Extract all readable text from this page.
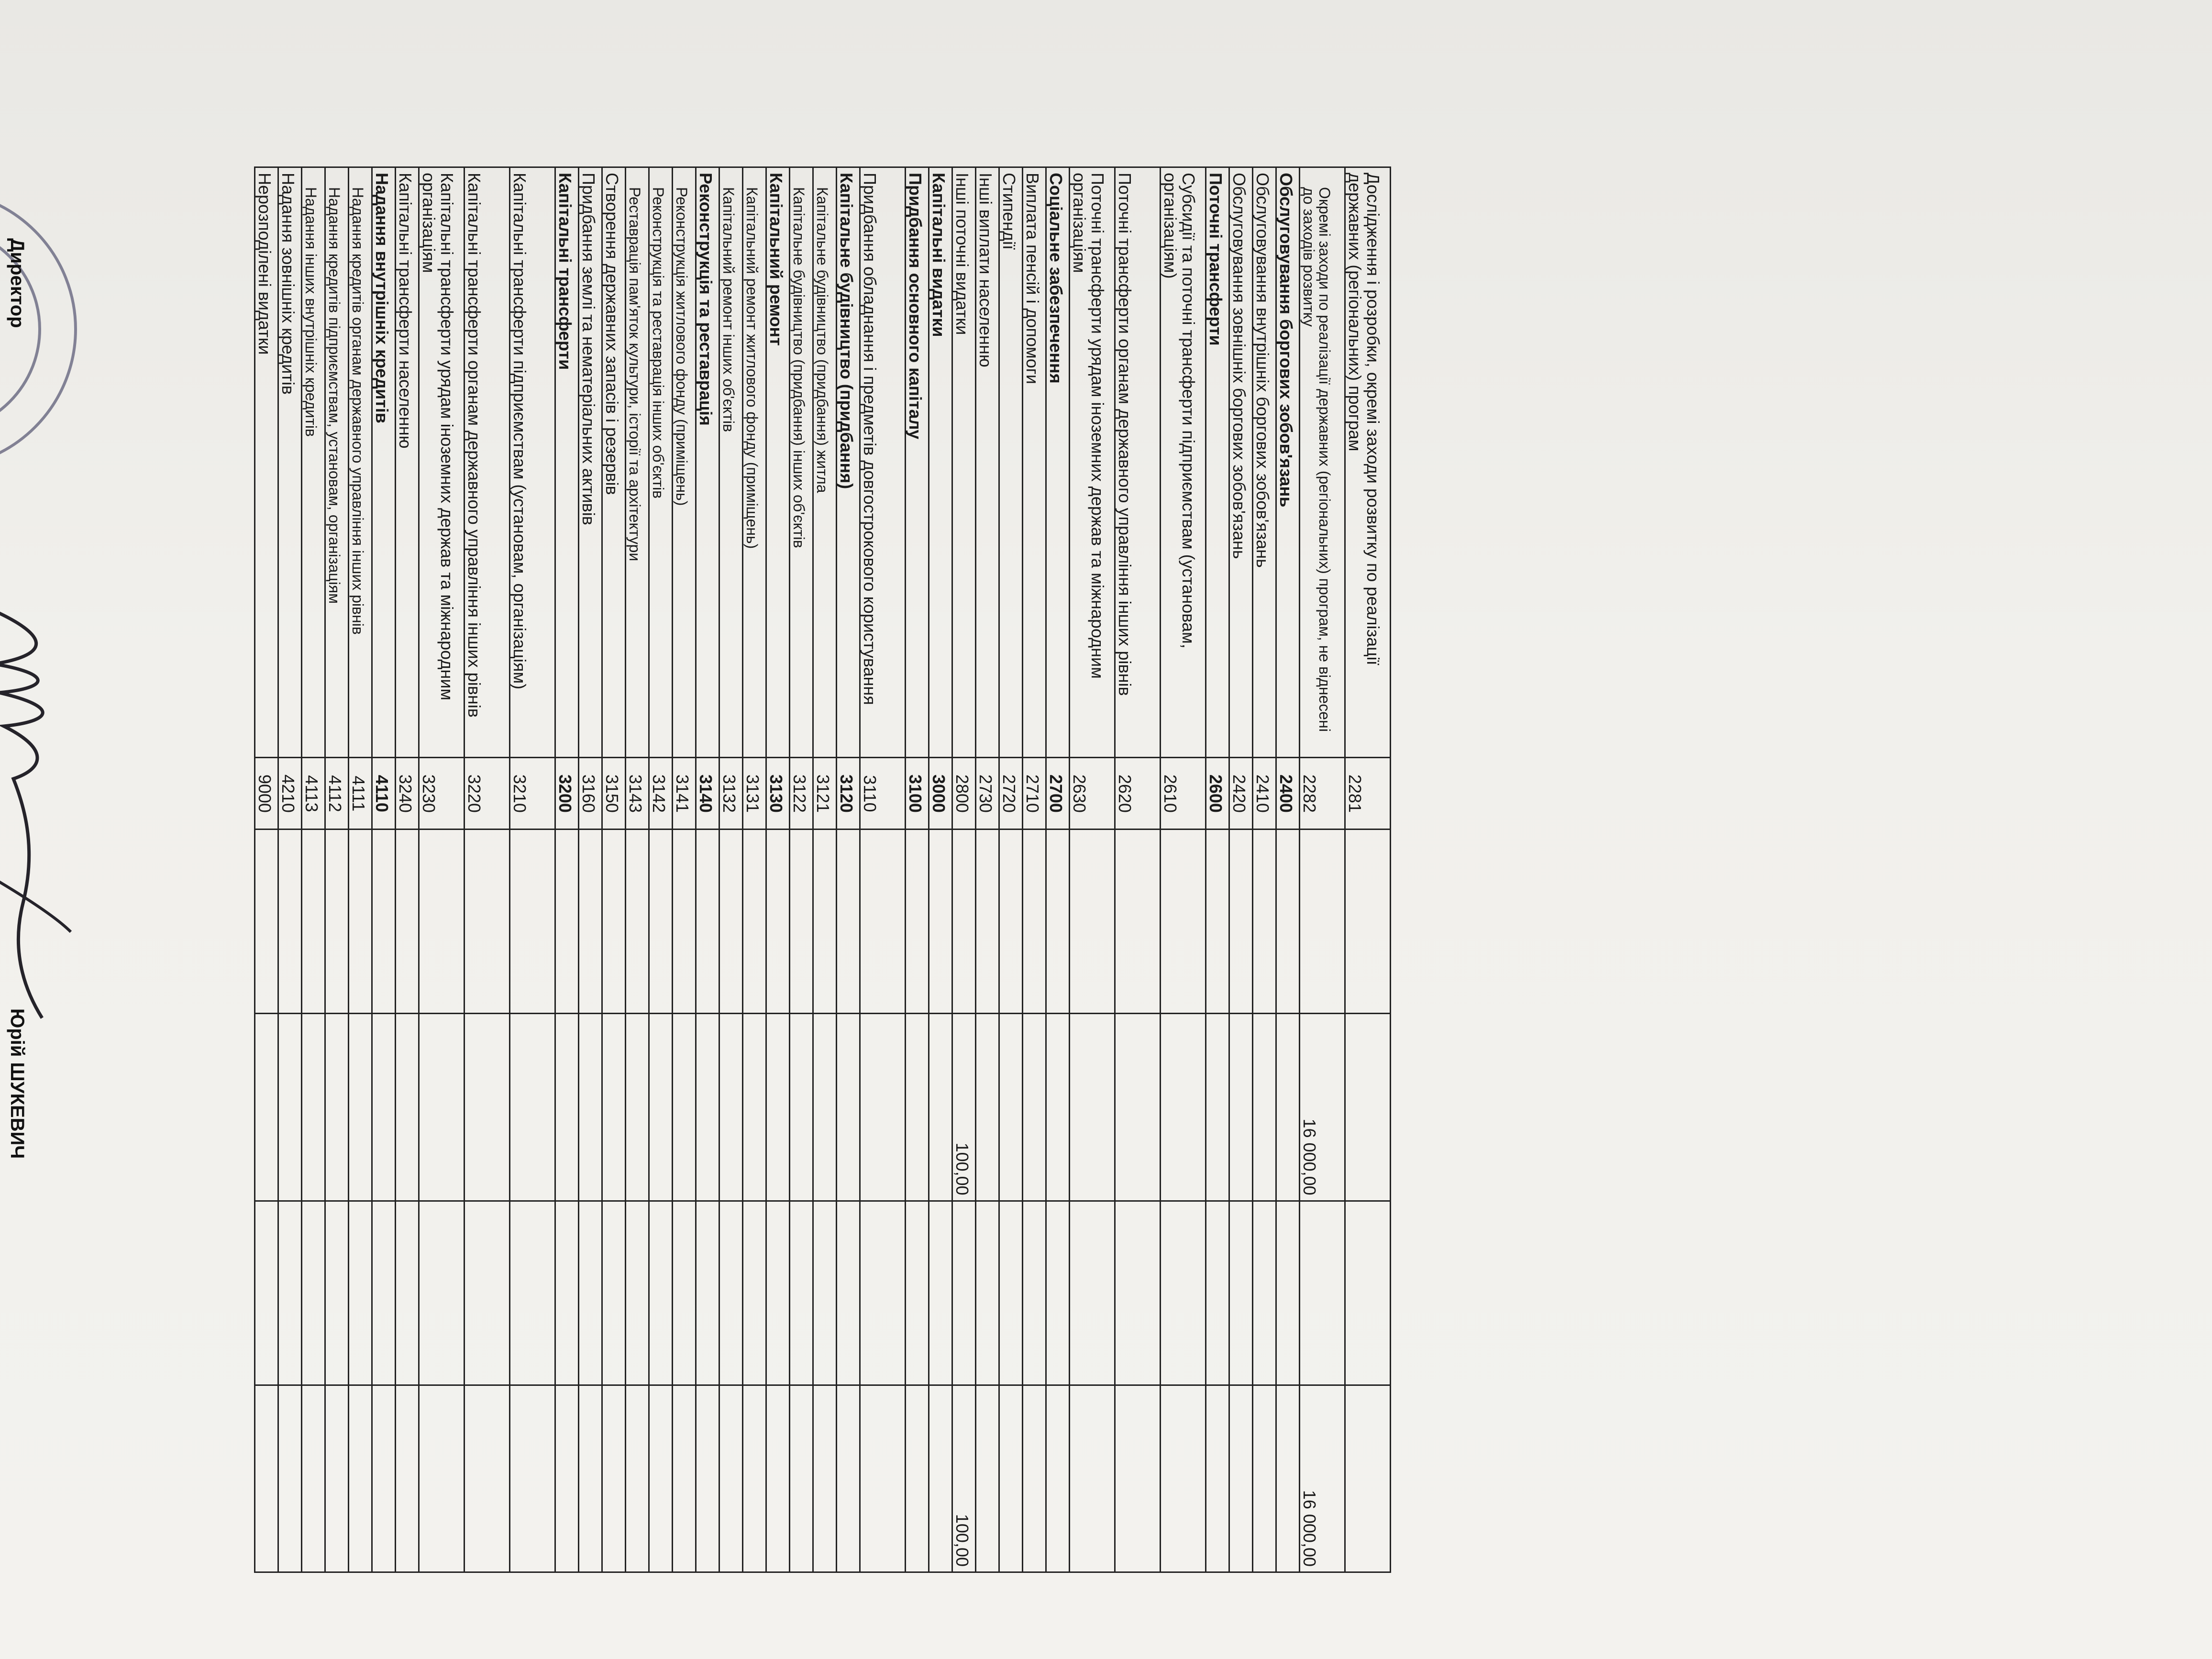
Дослідження і розробки, окремі заходи розвитку по реалізації державних (регіональних) програм	2281				
Окремі заходи по реалізації державних (регіональних) програм, не віднесені до заходів розвитку	2282		16 000,00		16 000,00
Обслуговування боргових зобов'язань	2400				
Обслуговування внутрішніх боргових зобов'язань	2410				
Обслуговування зовнішніх боргових зобов'язань	2420				
Поточні трансферти	2600				
Субсидії та поточні трансферти підприємствам (установам, організаціям)	2610				
Поточні трансферти органам державного управління інших рівнів	2620				
Поточні трансферти урядам іноземних держав та міжнародним організаціям	2630				
Соціальне забезпечення	2700				
Виплата пенсій і допомоги	2710				
Стипендії	2720				
Інші виплати населенню	2730				
Інші поточні видатки	2800		100,00		100,00
Капітальні видатки	3000				
Придбання основного капіталу	3100				
Придбання обладнання і предметів довгострокового користування	3110				
Капітальне будівництво (придбання)	3120				
Капітальне будівництво (придбання) житла	3121				
Капітальне будівництво (придбання) інших об'єктів	3122				
Капітальний ремонт	3130				
Капітальний ремонт житлового фонду (приміщень)	3131				
Капітальний ремонт інших об'єктів	3132				
Реконструкція та реставрація	3140				
Реконструкція житлового фонду (приміщень)	3141				
Реконструкція та реставрація інших об'єктів	3142				
Реставрація пам'яток культури, історії та архітектури	3143				
Створення державних запасів і резервів	3150				
Придбання землі та нематеріальних активів	3160				
Капітальні трансферти	3200				
Капітальні трансферти підприємствам (установам, організаціям)	3210				
Капітальні трансферти органам державного управління інших рівнів	3220				
Капітальні трансферти урядам іноземних держав та міжнародним організаціям	3230				
Капітальні трансферти населенню	3240				
Надання внутрішніх кредитів	4110				
Надання кредитів органам державного управління інших рівнів	4111				
Надання кредитів підприємствам, установам, організаціям	4112				
Надання інших внутрішніх кредитів	4113				
Надання зовнішніх кредитів	4210				
Нерозподілені видатки	9000				
Директор
Юрій ШУКЕВИЧ
